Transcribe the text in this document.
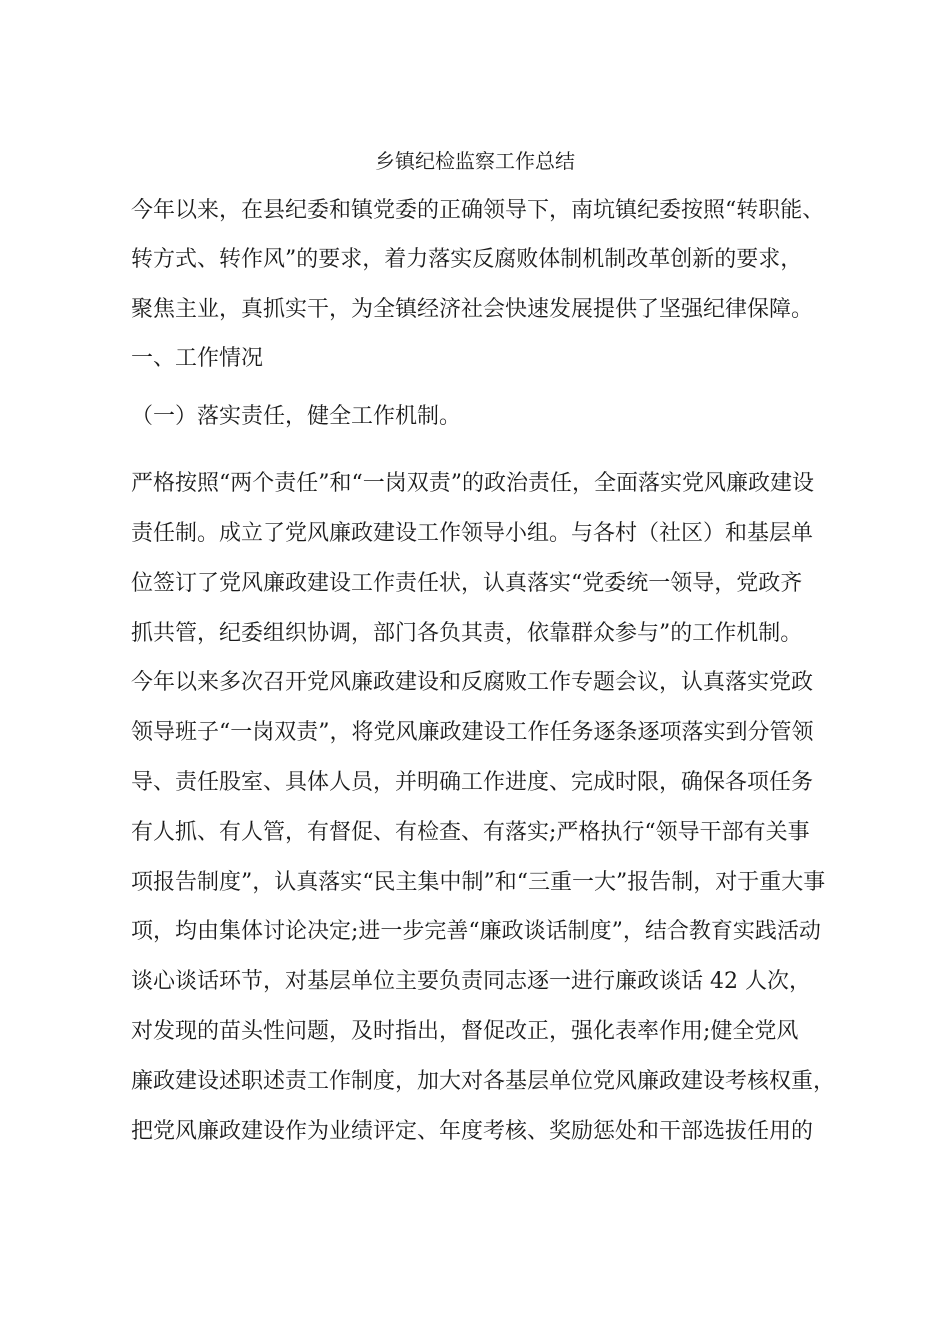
乡镇纪检监察工作总结
今年以来，在县纪委和镇党委的正确领导下，南坑镇纪委按照“转职能、
转方式、转作风”的要求，着力落实反腐败体制机制改革创新的要求，
聚焦主业，真抓实干，为全镇经济社会快速发展提供了坚强纪律保障。
一、工作情况
（一）落实责任，健全工作机制。
严格按照“两个责任”和“一岗双责”的政治责任，全面落实党风廉政建设
责任制。成立了党风廉政建设工作领导小组。与各村（社区）和基层单
位签订了党风廉政建设工作责任状，认真落实“党委统一领导，党政齐
抓共管，纪委组织协调，部门各负其责，依靠群众参与”的工作机制。
今年以来多次召开党风廉政建设和反腐败工作专题会议，认真落实党政
领导班子“一岗双责”，将党风廉政建设工作任务逐条逐项落实到分管领
导、责任股室、具体人员，并明确工作进度、完成时限，确保各项任务
有人抓、有人管，有督促、有检查、有落实;严格执行“领导干部有关事
项报告制度”，认真落实“民主集中制”和“三重一大”报告制，对于重大事
项，均由集体讨论决定;进一步完善“廉政谈话制度”，结合教育实践活动
谈心谈话环节，对基层单位主要负责同志逐一进行廉政谈话 42 人次，
对发现的苗头性问题，及时指出，督促改正，强化表率作用;健全党风
廉政建设述职述责工作制度，加大对各基层单位党风廉政建设考核权重，
把党风廉政建设作为业绩评定、年度考核、奖励惩处和干部选拔任用的
